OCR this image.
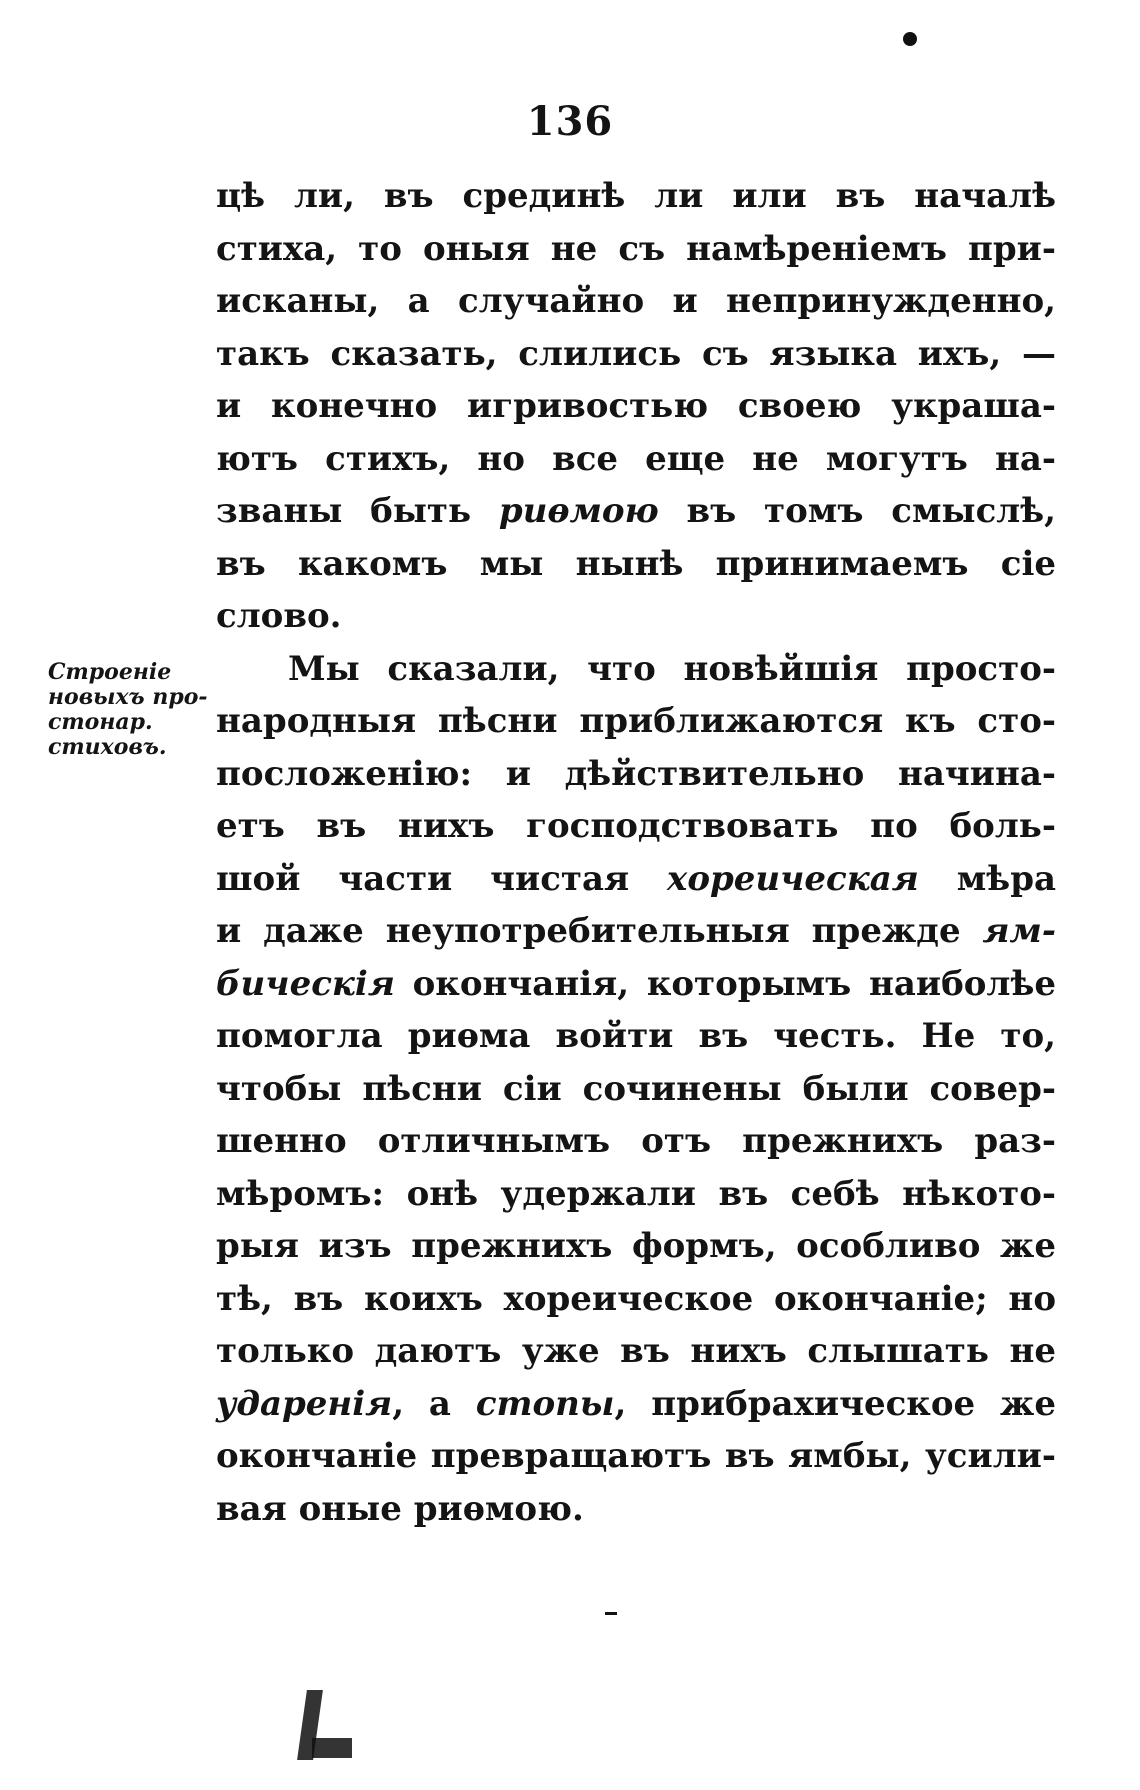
136
Строеніе
новыхъ про-
стонар.
стиховъ.
цѣ ли, въ срединѣ ли или въ началѣ
стиха, то оныя не съ намѣреніемъ при-
исканы, а случайно и непринужденно,
такъ сказать, слились съ языка ихъ, —
и конечно игривостью своею украша-
ютъ стихъ, но все еще не могутъ на-
званы быть риѳмою въ томъ смыслѣ,
въ какомъ мы нынѣ принимаемъ сіе
слово.
Мы сказали, что новѣйшія просто-
народныя пѣсни приближаются къ сто-
посложенію: и дѣйствительно начина-
етъ въ нихъ господствовать по боль-
шой части чистая хореическая мѣра
и даже неупотребительныя прежде ям-
бическія окончанія, которымъ наиболѣе
помогла риѳма войти въ честь. Не то,
чтобы пѣсни сіи сочинены были совер-
шенно отличнымъ отъ прежнихъ раз-
мѣромъ: онѣ удержали въ себѣ нѣкото-
рыя изъ прежнихъ формъ, особливо же
тѣ, въ коихъ хореическое окончаніе; но
только даютъ уже въ нихъ слышать не
ударенія, а стопы, прибрахическое же
окончаніе превращаютъ въ ямбы, усили-
вая оные риѳмою.
